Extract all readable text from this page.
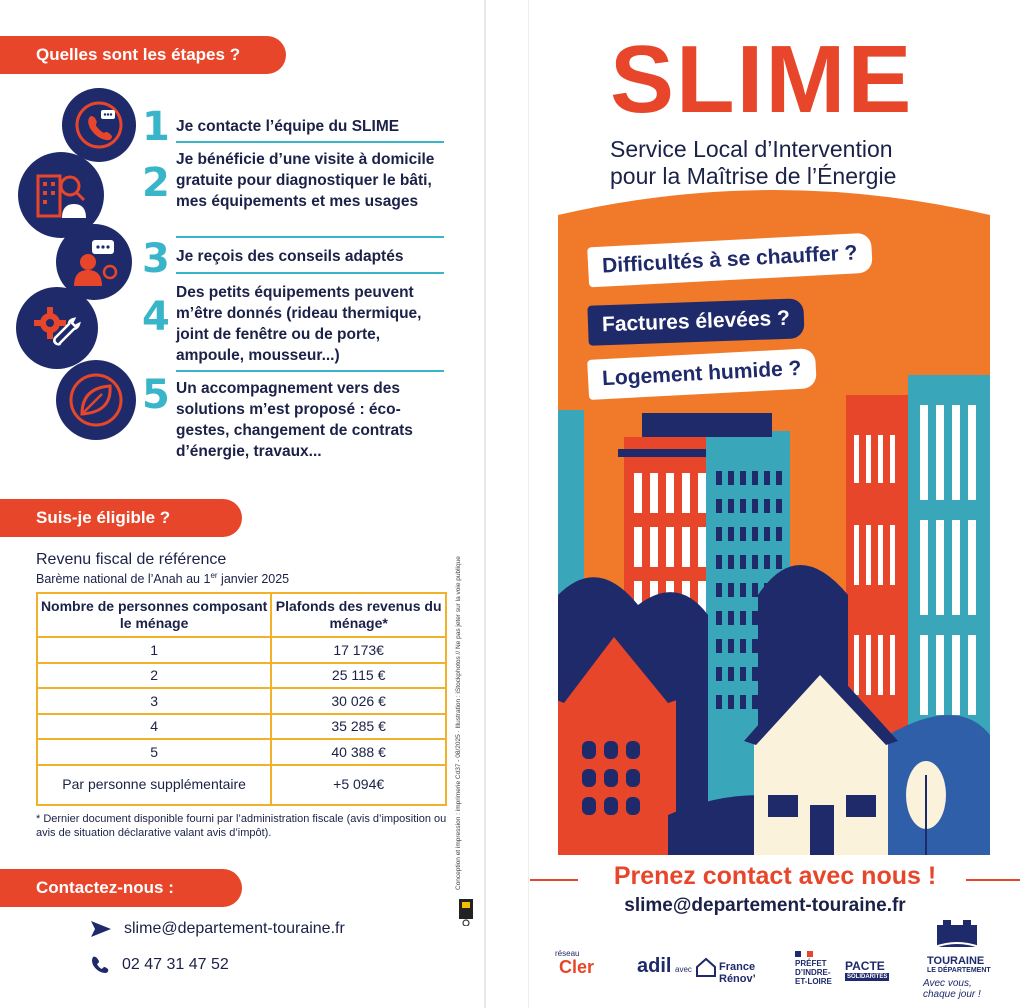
Quelles sont les étapes ?
1 Je contacte l’équipe du SLIME
2
Je bénéficie d’une visite à domicile gratuite pour diagnostiquer le bâti, mes équipements et mes usages
3 Je reçois des conseils adaptés
4
Des petits équipements peuvent m’être donnés (rideau thermique, joint de fenêtre ou de porte, ampoule, mousseur...)
5 Un accompagnement vers des solutions m’est proposé : éco-gestes, changement de contrats d’énergie, travaux...
Suis-je éligible ?
Revenu fiscal de référence
Barème national de l’Anah au 1er janvier 2025
Nombre de personnes composant le ménage	Plafonds des revenus du ménage*
1	17 173€
2	25 115 €
3	30 026 €
4	35 285 €
5	40 388 €
Par personne supplémentaire	+5 094€
* Dernier document disponible fourni par l’administration fiscale (avis d’imposition ou avis de situation déclarative valant avis d’impôt).
Contactez-nous :
slime@departement-touraine.fr
02 47 31 47 52
Conception et impression : imprimerie Cd37 - 08/2025 · Illustration : iStockphotos // Ne pas jeter sur la voie publique
SLIME
Service Local d’Intervention
pour la Maîtrise de l’Énergie
Difficultés à se chauffer ?
Factures élevées ?
Logement humide ?
Prenez contact avec nous !
slime@departement-touraine.fr
réseau
Cler adil avec France Rénov’
PRÉFET
D’INDRE-
ET-LOIRE
PACTE
SOLIDARITÉS
TOURAINE
LE DÉPARTEMENT
Avec vous, chaque jour !
